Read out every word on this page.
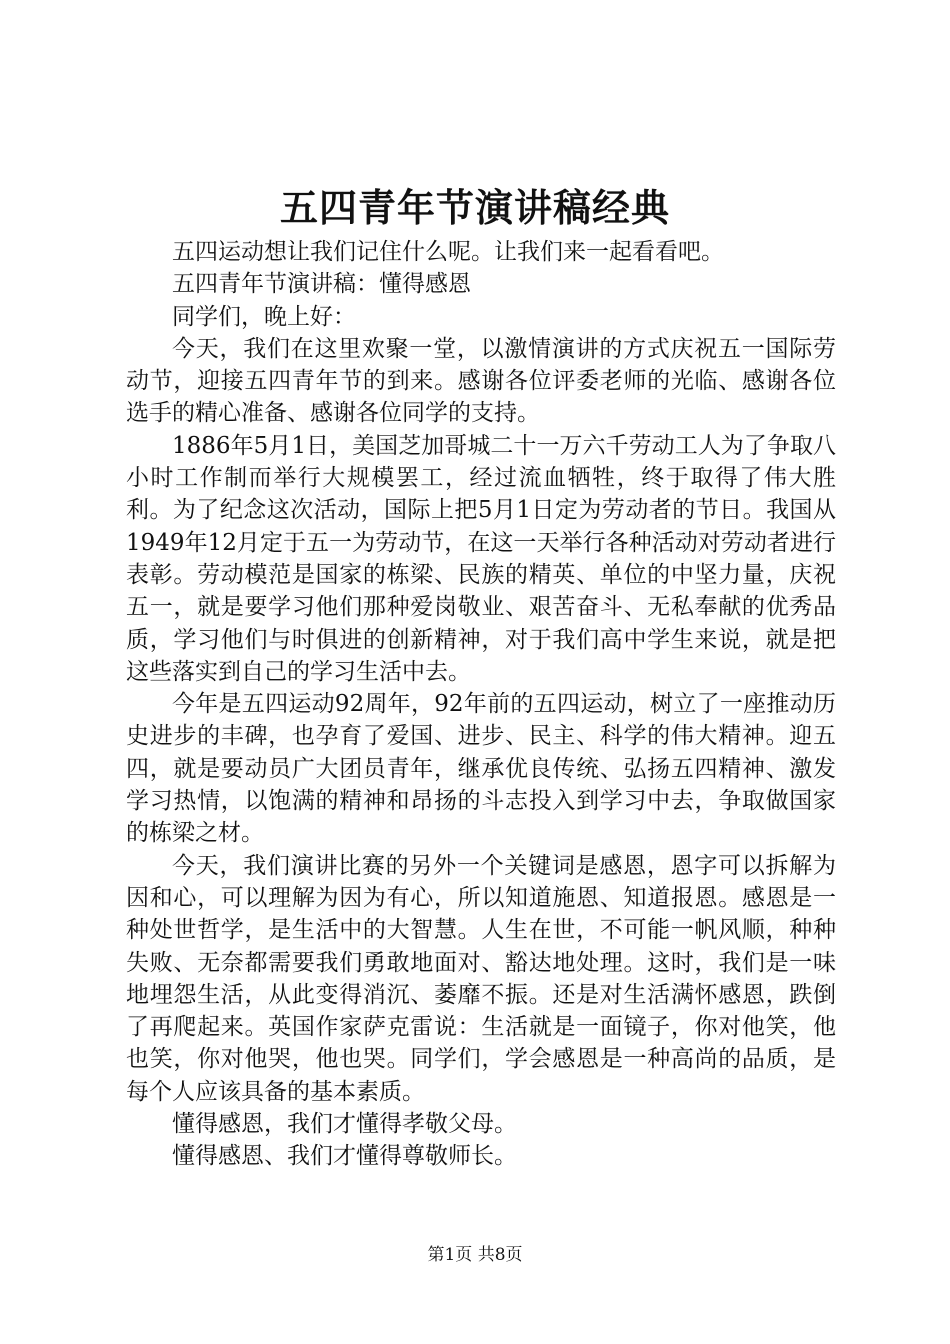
五四青年节演讲稿经典

五四运动想让我们记住什么呢。让我们来一起看看吧。

五四青年节演讲稿：懂得感恩

同学们，晚上好：

今天，我们在这里欢聚一堂，以激情演讲的方式庆祝五一国际劳动节，迎接五四青年节的到来。感谢各位评委老师的光临、感谢各位选手的精心准备、感谢各位同学的支持。

1886年5月1日，美国芝加哥城二十一万六千劳动工人为了争取八小时工作制而举行大规模罢工，经过流血牺牲，终于取得了伟大胜利。为了纪念这次活动，国际上把5月1日定为劳动者的节日。我国从1949年12月定于五一为劳动节，在这一天举行各种活动对劳动者进行表彰。劳动模范是国家的栋梁、民族的精英、单位的中坚力量，庆祝五一，就是要学习他们那种爱岗敬业、艰苦奋斗、无私奉献的优秀品质，学习他们与时俱进的创新精神，对于我们高中学生来说，就是把这些落实到自己的学习生活中去。

今年是五四运动92周年，92年前的五四运动，树立了一座推动历史进步的丰碑，也孕育了爱国、进步、民主、科学的伟大精神。迎五四，就是要动员广大团员青年，继承优良传统、弘扬五四精神、激发学习热情，以饱满的精神和昂扬的斗志投入到学习中去，争取做国家的栋梁之材。

今天，我们演讲比赛的另外一个关键词是感恩，恩字可以拆解为因和心，可以理解为因为有心，所以知道施恩、知道报恩。感恩是一种处世哲学，是生活中的大智慧。人生在世，不可能一帆风顺，种种失败、无奈都需要我们勇敢地面对、豁达地处理。这时，我们是一味地埋怨生活，从此变得消沉、萎靡不振。还是对生活满怀感恩，跌倒了再爬起来。英国作家萨克雷说：生活就是一面镜子，你对他笑，他也笑，你对他哭，他也哭。同学们，学会感恩是一种高尚的品质，是每个人应该具备的基本素质。

懂得感恩，我们才懂得孝敬父母。

懂得感恩、我们才懂得尊敬师长。

第1页 共8页
